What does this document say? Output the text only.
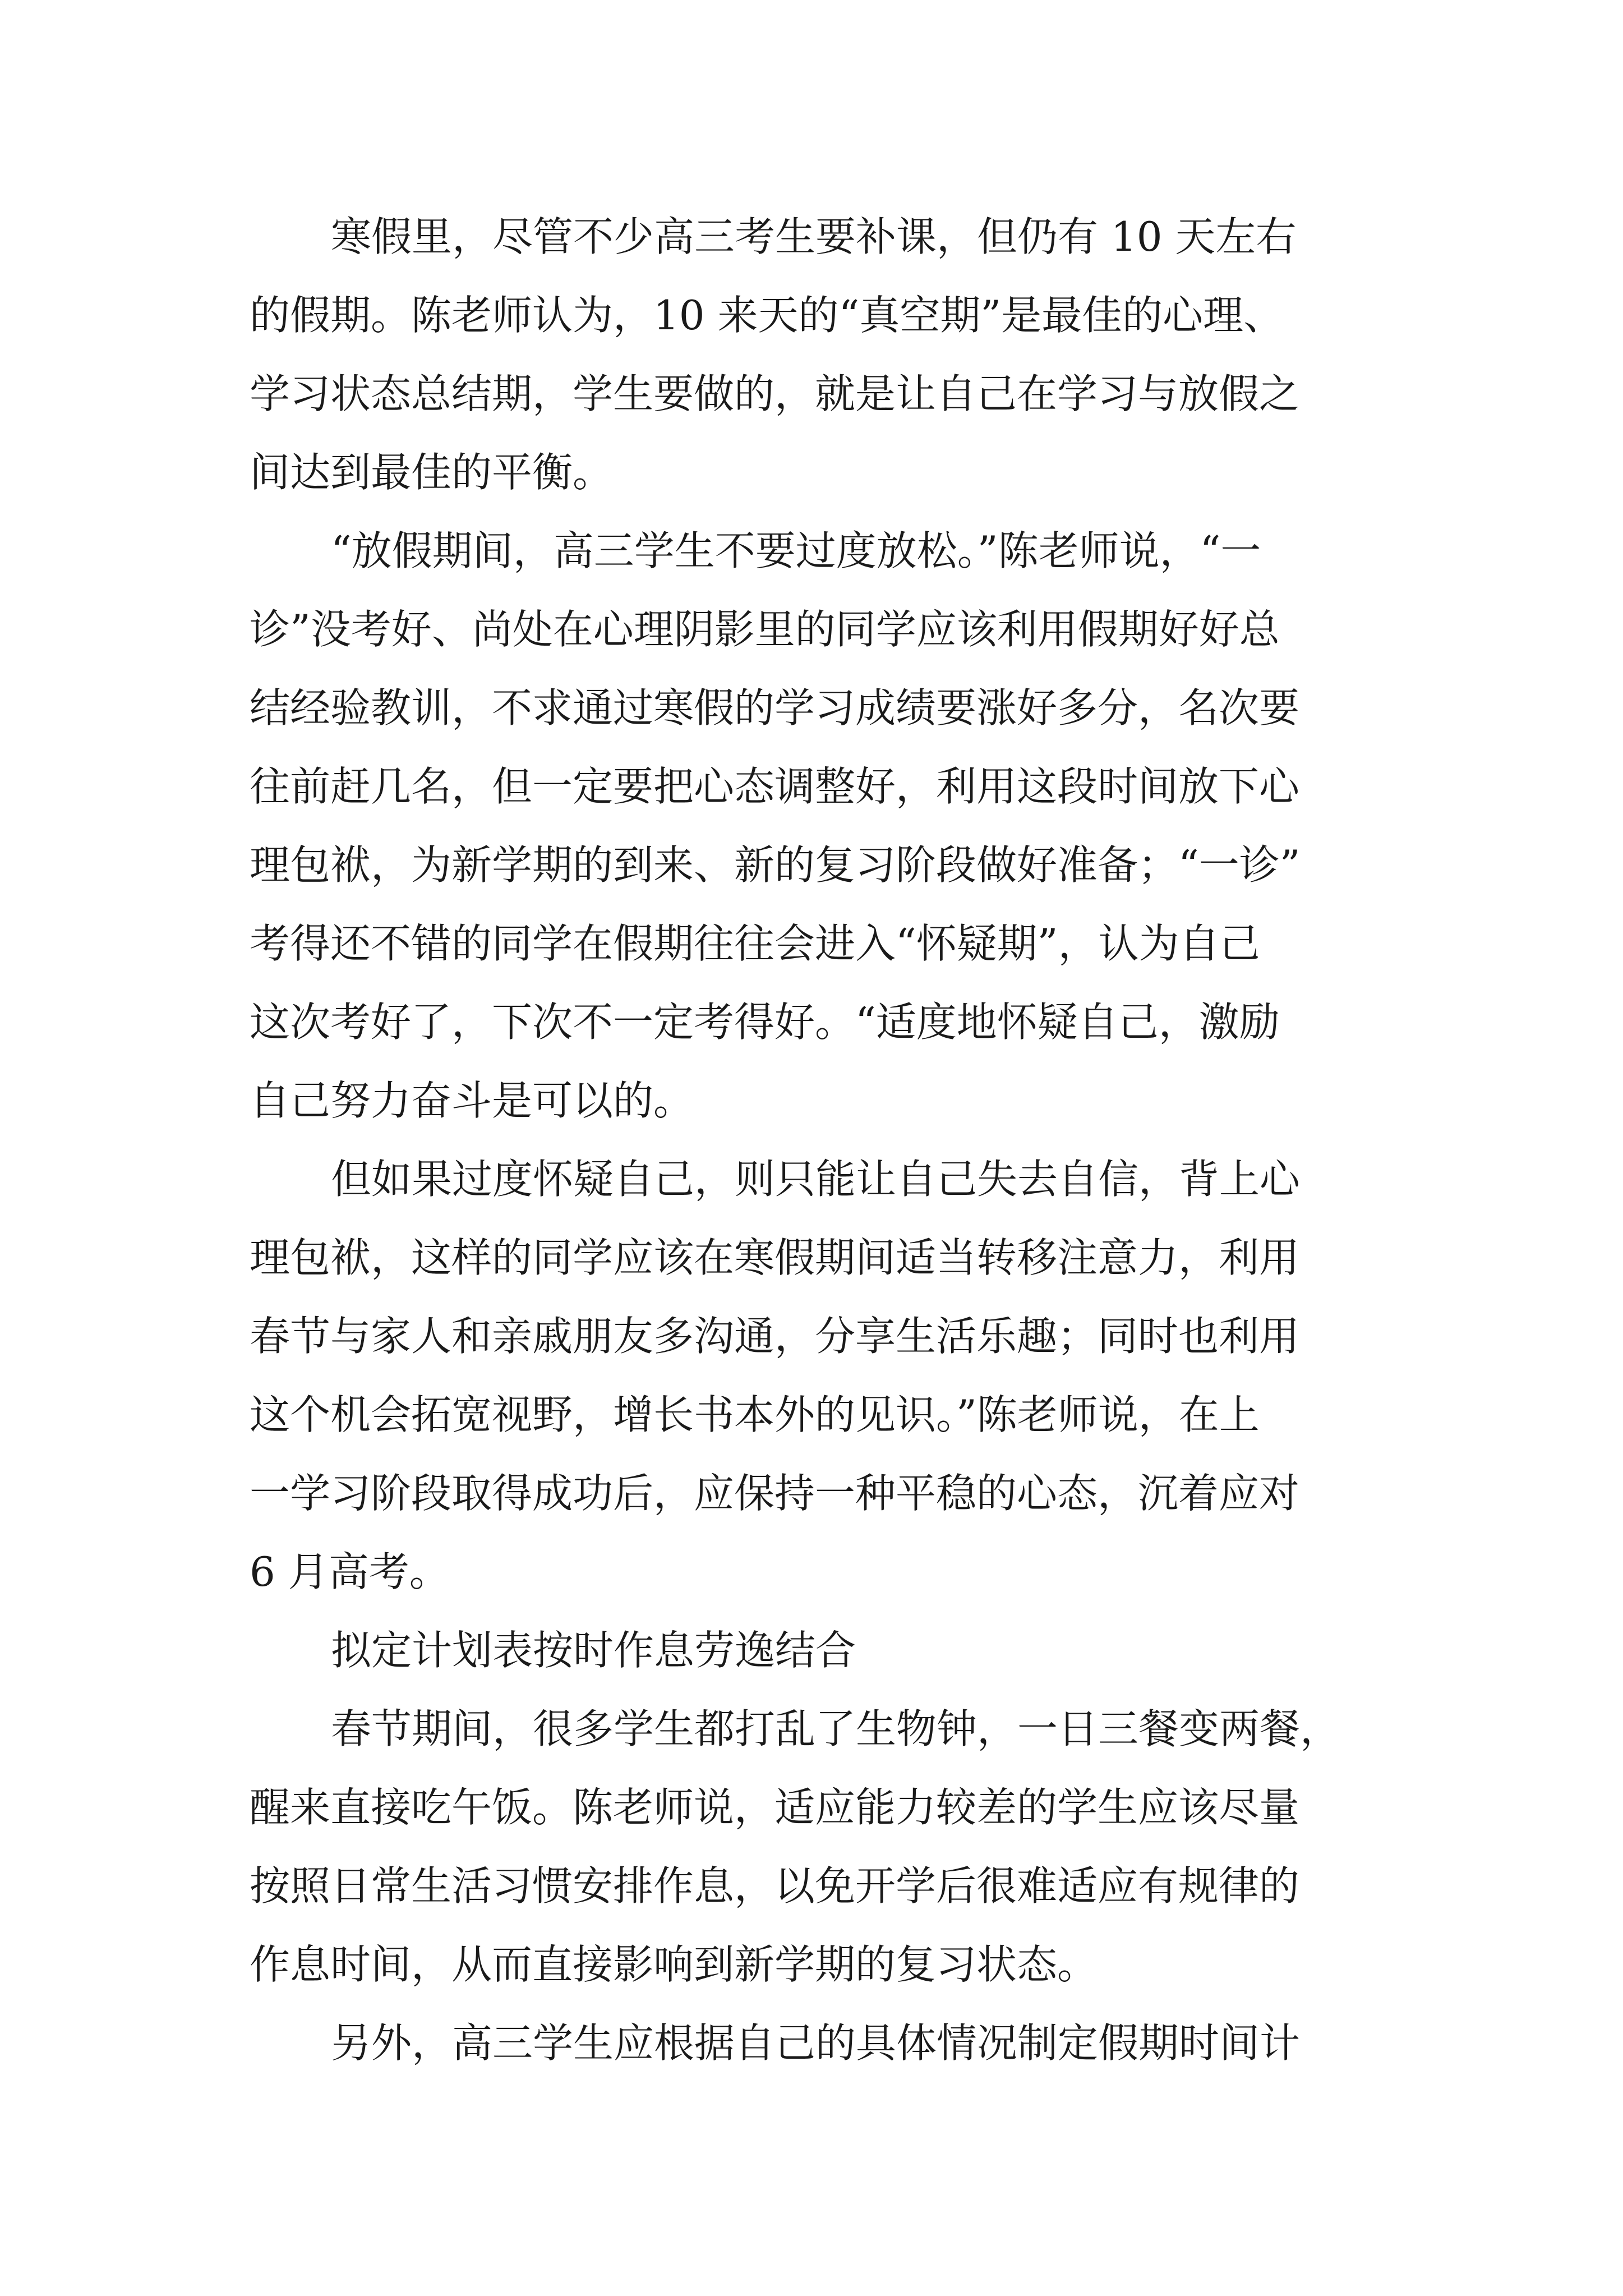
寒假里，尽管不少高三考生要补课，但仍有 10 天左右
的假期。陈老师认为，10 来天的“真空期”是最佳的心理、
学习状态总结期，学生要做的，就是让自己在学习与放假之
间达到最佳的平衡。
“放假期间，高三学生不要过度放松。”陈老师说，“一
诊”没考好、尚处在心理阴影里的同学应该利用假期好好总
结经验教训，不求通过寒假的学习成绩要涨好多分，名次要
往前赶几名，但一定要把心态调整好，利用这段时间放下心
理包袱，为新学期的到来、新的复习阶段做好准备；“一诊”
考得还不错的同学在假期往往会进入“怀疑期”，认为自己
这次考好了，下次不一定考得好。“适度地怀疑自己，激励
自己努力奋斗是可以的。
但如果过度怀疑自己，则只能让自己失去自信，背上心
理包袱，这样的同学应该在寒假期间适当转移注意力，利用
春节与家人和亲戚朋友多沟通，分享生活乐趣；同时也利用
这个机会拓宽视野，增长书本外的见识。”陈老师说，在上
一学习阶段取得成功后，应保持一种平稳的心态，沉着应对
6 月高考。
拟定计划表按时作息劳逸结合
春节期间，很多学生都打乱了生物钟，一日三餐变两餐，
醒来直接吃午饭。陈老师说，适应能力较差的学生应该尽量
按照日常生活习惯安排作息，以免开学后很难适应有规律的
作息时间，从而直接影响到新学期的复习状态。
另外，高三学生应根据自己的具体情况制定假期时间计
